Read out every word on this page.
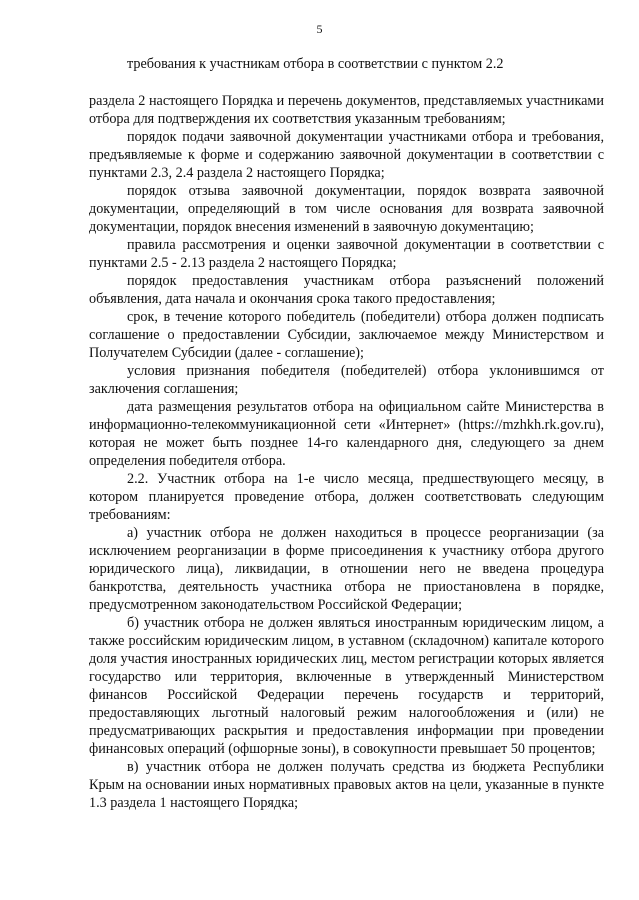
5

требования к участникам отбора в соответствии с пунктом 2.2

раздела 2 настоящего Порядка и перечень документов, представляемых участниками отбора для подтверждения их соответствия указанным требованиям;

порядок подачи заявочной документации участниками отбора и требования, предъявляемые к форме и содержанию заявочной документации в соответствии с пунктами 2.3, 2.4 раздела 2 настоящего Порядка;

порядок отзыва заявочной документации, порядок возврата заявочной документации, определяющий в том числе основания для возврата заявочной документации, порядок внесения изменений в заявочную документацию;

правила рассмотрения и оценки заявочной документации в соответствии с пунктами 2.5 - 2.13 раздела 2 настоящего Порядка;

порядок предоставления участникам отбора разъяснений положений объявления, дата начала и окончания срока такого предоставления;

срок, в течение которого победитель (победители) отбора должен подписать соглашение о предоставлении Субсидии, заключаемое между Министерством и Получателем Субсидии (далее - соглашение);

условия признания победителя (победителей) отбора уклонившимся от заключения соглашения;

дата размещения результатов отбора на официальном сайте Министерства в информационно-телекоммуникационной сети «Интернет» (https://mzhkh.rk.gov.ru), которая не может быть позднее 14-го календарного дня, следующего за днем определения победителя отбора.

2.2. Участник отбора на 1-е число месяца, предшествующего месяцу, в котором планируется проведение отбора, должен соответствовать следующим требованиям:

а) участник отбора не должен находиться в процессе реорганизации (за исключением реорганизации в форме присоединения к участнику отбора другого юридического лица), ликвидации, в отношении него не введена процедура банкротства, деятельность участника отбора не приостановлена в порядке, предусмотренном законодательством Российской Федерации;

б) участник отбора не должен являться иностранным юридическим лицом, а также российским юридическим лицом, в уставном (складочном) капитале которого доля участия иностранных юридических лиц, местом регистрации которых является государство или территория, включенные в утвержденный Министерством финансов Российской Федерации перечень государств и территорий, предоставляющих льготный налоговый режим налогообложения и (или) не предусматривающих раскрытия и предоставления информации при проведении финансовых операций (офшорные зоны), в совокупности превышает 50 процентов;

в) участник отбора не должен получать средства из бюджета Республики Крым на основании иных нормативных правовых актов на цели, указанные в пункте 1.3 раздела 1 настоящего Порядка;
